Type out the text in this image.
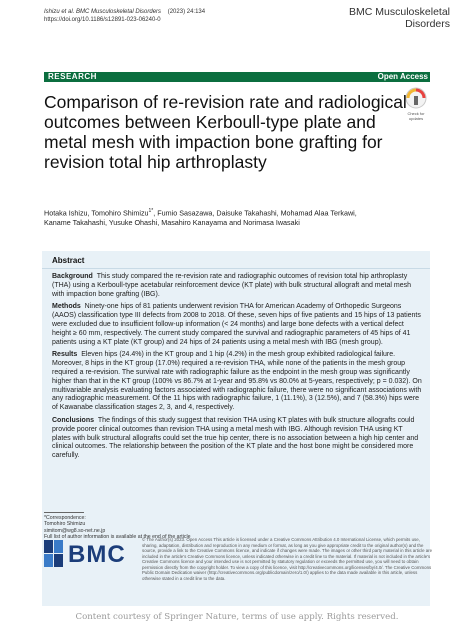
Ishizu et al. BMC Musculoskeletal Disorders (2023) 24:134
https://doi.org/10.1186/s12891-023-06240-0
BMC Musculoskeletal
Disorders
RESEARCH	Open Access
Check for updates
Comparison of re-revision rate and radiological outcomes between Kerboull-type plate and metal mesh with impaction bone grafting for revision total hip arthroplasty
Hotaka Ishizu, Tomohiro Shimizu$^{1*}$, Fumio Sasazawa, Daisuke Takahashi, Mohamad Alaa Terkawi,
Kaname Takahashi, Yusuke Ohashi, Masahiro Kanayama and Norimasa Iwasaki
Abstract

Background This study compared the re-revision rate and radiographic outcomes of revision total hip arthroplasty (THA) using a Kerboull-type acetabular reinforcement device (KT plate) with bulk structural allograft and metal mesh with impaction bone grafting (IBG).

Methods Ninety-one hips of 81 patients underwent revision THA for American Academy of Orthopedic Surgeons (AAOS) classification type III defects from 2008 to 2018. Of these, seven hips of five patients and 15 hips of 13 patients were excluded due to insufficient follow-up information (< 24 months) and large bone defects with a vertical defect height ≥ 60 mm, respectively. The current study compared the survival and radiographic parameters of 45 hips of 41 patients using a KT plate (KT group) and 24 hips of 24 patients using a metal mesh with IBG (mesh group).

Results Eleven hips (24.4%) in the KT group and 1 hip (4.2%) in the mesh group exhibited radiological failure. Moreover, 8 hips in the KT group (17.0%) required a re-revision THA, while none of the patients in the mesh group required a re-revision. The survival rate with radiographic failure as the endpoint in the mesh group was significantly higher than that in the KT group (100% vs 86.7% at 1-year and 95.8% vs 80.0% at 5-years, respectively; p = 0.032). On multivariable analysis evaluating factors associated with radiographic failure, there were no significant associations with any radiographic measurement. Of the 11 hips with radiographic failure, 1 (11.1%), 3 (12.5%), and 7 (58.3%) hips were of Kawanabe classification stages 2, 3, and 4, respectively.

Conclusions The findings of this study suggest that revision THA using KT plates with bulk structure allografts could provide poorer clinical outcomes than revision THA using a metal mesh with IBG. Although revision THA using KT plates with bulk structural allografts could set the true hip center, there is no association between a high hip center and clinical outcomes. The relationship between the position of the KT plate and the host bone might be considered more carefully.

BMC
© The Author(s) 2023. Open Access This article is licensed under a Creative Commons Attribution 4.0 International License, which permits use, sharing, adaptation, distribution and reproduction in any medium or format, as long as you give appropriate credit to the original author(s) and the source, provide a link to the Creative Commons licence, and indicate if changes were made. The images or other third party material in this article are included in the article's Creative Commons licence, unless indicated otherwise in a credit line to the material. If material is not included in the article's Creative Commons licence and your intended use is not permitted by statutory regulation or exceeds the permitted use, you will need to obtain permission directly from the copyright holder. To view a copy of this licence, visit http://creativecommons.org/licenses/by/4.0/. The Creative Commons Public Domain Dedication waiver (http://creativecommons.org/publicdomain/zero/1.0/) applies to the data made available in this article, unless otherwise stated in a credit line to the data.
Content courtesy of Springer Nature, terms of use apply. Rights reserved.
*Correspondence:
Tomohiro Shimizu
simitom@wg8.so-net.ne.jp
Full list of author information is available at the end of the article
